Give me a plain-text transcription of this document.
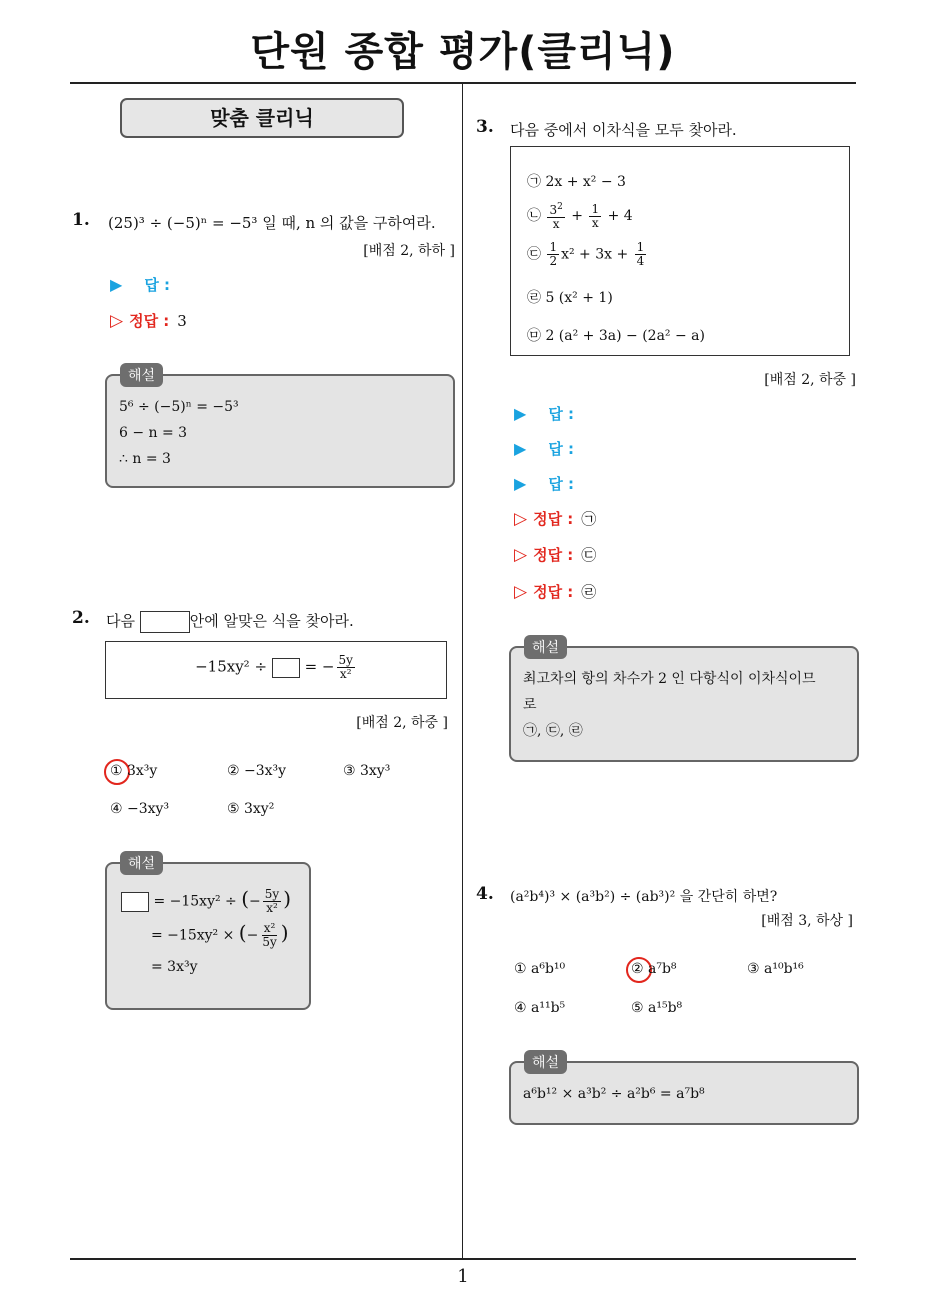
단원 종합 평가(클리닉)
맞춤 클리닉
1. (25)³ ÷ (−5)ⁿ = −5³ 일 때, n 의 값을 구하여라.
[배점 2, 하하 ]
▶ 답 :
▷ 정답 : 3
5⁶ ÷ (−5)ⁿ = −5³
6 − n = 3
∴ n = 3
해설
2. 다음	안에 알맞은 식을 찾아라.
−15xy² ÷	= − $\frac{5y}{\text{x²}}$
[배점 2, 하중 ]
① 3x³y	② −3x³y	③ 3xy³
④ −3xy³	⑤ 3xy²
= −15xy² ÷ (− $\frac{5y}{\text{x²}}$ )
= −15xy² × (− $\frac{\text{x²}}{5y}$ )
= 3x³y
해설
3. 다음 중에서 이차식을 모두 찾아라.
㉠ 2x + x² − 3
㉡ $\frac{3^2}{x} + \frac{1}{x} + 4$
㉢ $\frac{1}{2} x^2 + 3x + \frac{1}{4}$
㉣ 5 (x² + 1)
㉤ 2 (a² + 3a) − (2a² − a)
[배점 2, 하중 ]
▶ 답 :
▶ 답 :
▶ 답 :
▷ 정답 : ㉠
▷ 정답 : ㉢
▷ 정답 : ㉣
최고차의 항의 차수가 2 인 다항식이 이차식이므
로
㉠, ㉢, ㉣
해설
4. (a²b⁴)³ × (a³b²) ÷ (ab³)² 을 간단히 하면?
[배점 3, 하상 ]
① a⁶b¹⁰	② a⁷b⁸	③ a¹⁰b¹⁶
④ a¹¹b⁵	⑤ a¹⁵b⁸
a⁶b¹² × a³b² ÷ a²b⁶ = a⁷b⁸
해설
1
